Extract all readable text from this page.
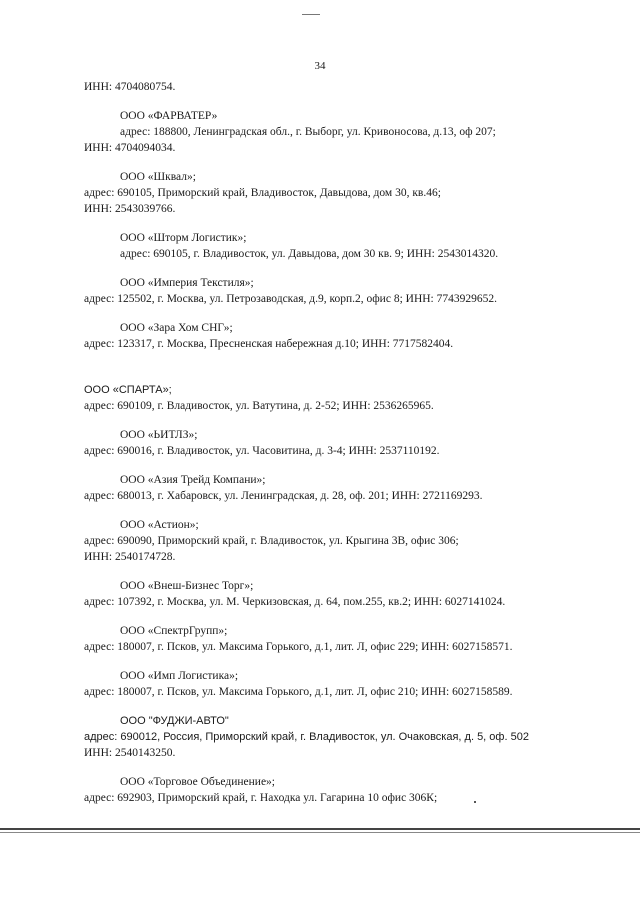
34
ИНН: 4704080754.
ООО «ФАРВАТЕР»
адрес: 188800, Ленинградская обл., г. Выборг, ул. Кривоносова, д.13, оф 207;
ИНН: 4704094034.
ООО «Шквал»;
адрес: 690105, Приморский край, Владивосток, Давыдова, дом 30, кв.46;
ИНН: 2543039766.
ООО «Шторм Логистик»;
адрес: 690105, г. Владивосток, ул. Давыдова, дом 30 кв. 9; ИНН: 2543014320.
ООО «Империя Текстиля»;
адрес: 125502, г. Москва, ул. Петрозаводская, д.9, корп.2, офис 8; ИНН: 7743929652.
ООО «Зара Хом СНГ»;
адрес: 123317, г. Москва, Пресненская набережная д.10; ИНН: 7717582404.
ООО «СПАРТА»;
адрес: 690109, г. Владивосток, ул. Ватутина, д. 2-52; ИНН: 2536265965.
ООО «ЬИТЛЗ»;
адрес: 690016, г. Владивосток, ул. Часовитина, д. 3-4; ИНН: 2537110192.
ООО «Азия Трейд Компани»;
адрес: 680013, г. Хабаровск, ул. Ленинградская, д. 28, оф. 201; ИНН: 2721169293.
ООО «Астион»;
адрес: 690090, Приморский край, г. Владивосток, ул. Крыгина 3В, офис 306;
ИНН: 2540174728.
ООО «Внеш-Бизнес Торг»;
адрес: 107392, г. Москва, ул. М. Черкизовская, д. 64, пом.255, кв.2; ИНН: 6027141024.
ООО «СпектрГрупп»;
адрес: 180007, г. Псков, ул. Максима Горького, д.1, лит. Л, офис 229; ИНН: 6027158571.
ООО «Имп Логистика»;
адрес: 180007, г. Псков, ул. Максима Горького, д.1, лит. Л, офис 210; ИНН: 6027158589.
ООО "ФУДЖИ-АВТО"
адрес: 690012, Россия, Приморский край, г. Владивосток, ул. Очаковская, д. 5, оф. 502
ИНН: 2540143250.
ООО «Торговое Объединение»;
адрес: 692903, Приморский край, г. Находка ул. Гагарина 10 офис 306К;
